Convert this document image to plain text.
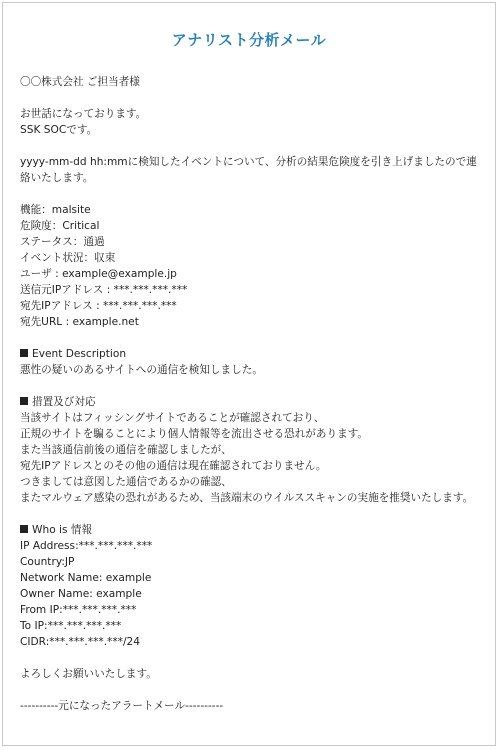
アナリスト分析メール
〇〇株式会社 ご担当者様
お世話になっております。
SSK SOCです。
yyyy-mm-dd hh:mmに検知したイベントについて、分析の結果危険度を引き上げましたので連絡いたします。
機能：malsite
危険度：Critical
ステータス：通過
イベント状況：収束
ユーザ : example@example.jp
送信元IPアドレス : ***.***.***.***
宛先IPアドレス : ***.***.***.***
宛先URL : example.net
Event Description
悪性の疑いのあるサイトへの通信を検知しました。
措置及び対応
当該サイトはフィッシングサイトであることが確認されており、
正規のサイトを騙ることにより個人情報等を流出させる恐れがあります。
また当該通信前後の通信を確認しましたが、
宛先IPアドレスとのその他の通信は現在確認されておりません。
つきましては意図した通信であるかの確認、
またマルウェア感染の恐れがあるため、当該端末のウイルススキャンの実施を推奨いたします。
Who is 情報
IP Address:***.***.***.***
Country:JP
Network Name: example
Owner Name: example
From IP:***.***.***.***
To IP:***.***.***.***
CIDR:***.***.***.***/24
よろしくお願いいたします。
----------元になったアラートメール----------
